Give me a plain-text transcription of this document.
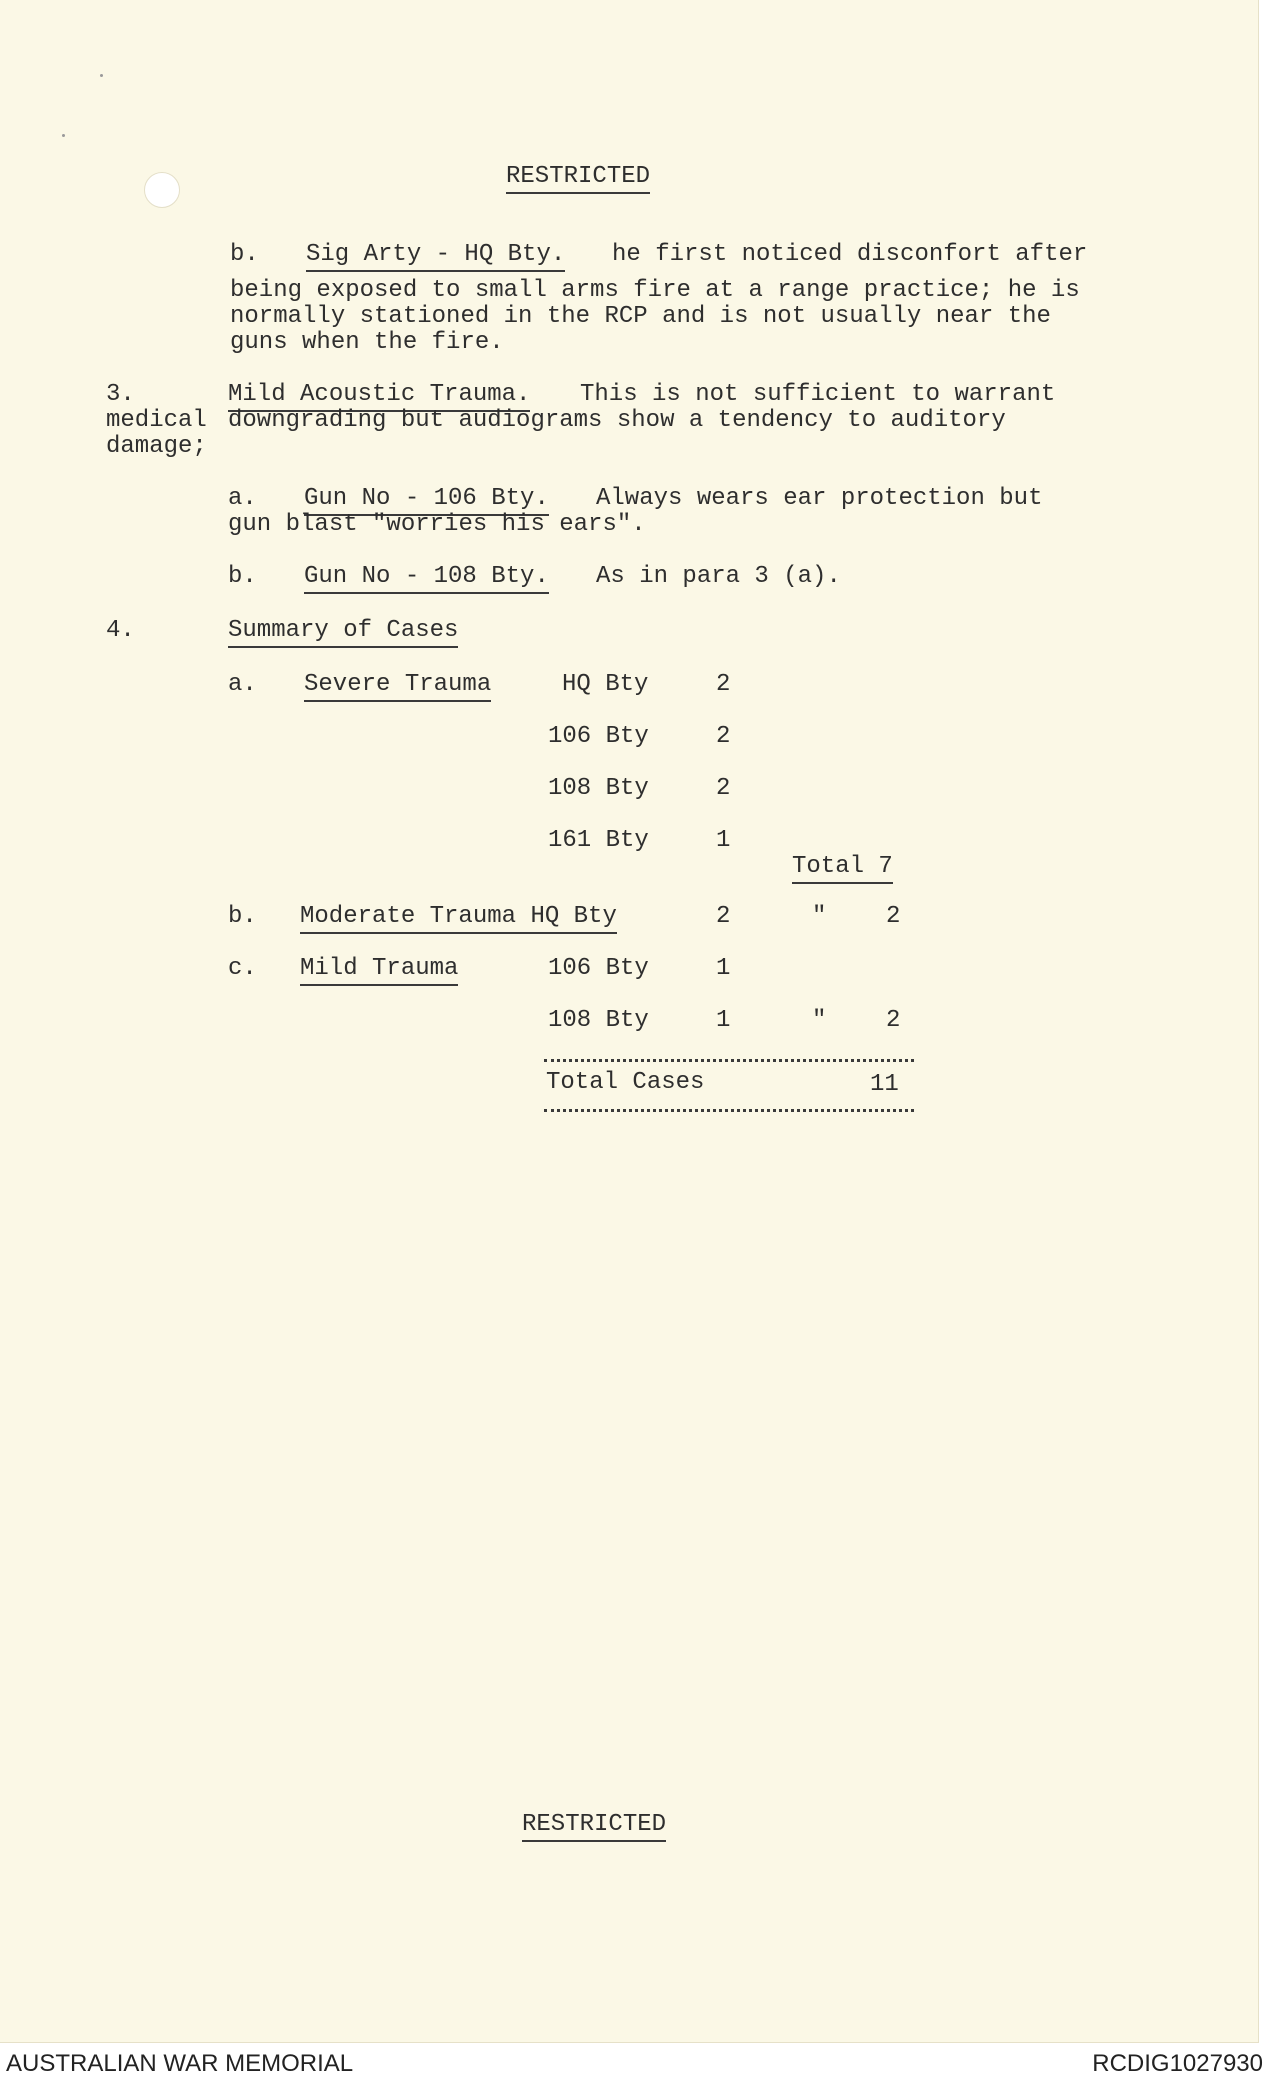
RESTRICTED
b. Sig Arty - HQ Bty. he first noticed disconfort after
being exposed to small arms fire at a range practice; he is
normally stationed in the RCP and is not usually near the
guns when the fire.
3.	Mild Acoustic Trauma. This is not sufficient to warrant
medical downgrading but audiograms show a tendency to auditory
damage;
a. Gun No - 106 Bty. Always wears ear protection but
gun blast "worries his ears".
b. Gun No - 108 Bty. As in para 3 (a).
4.	Summary of Cases
a. Severe Trauma	HQ Bty	2
106 Bty	2
108 Bty	2
161 Bty	1
Total 7
b. Moderate Trauma HQ Bty	2	" 2
c. Mild Trauma	106 Bty	1
108 Bty	1	" 2
Total Cases	11
RESTRICTED
AUSTRALIAN WAR MEMORIAL	RCDIG1027930
